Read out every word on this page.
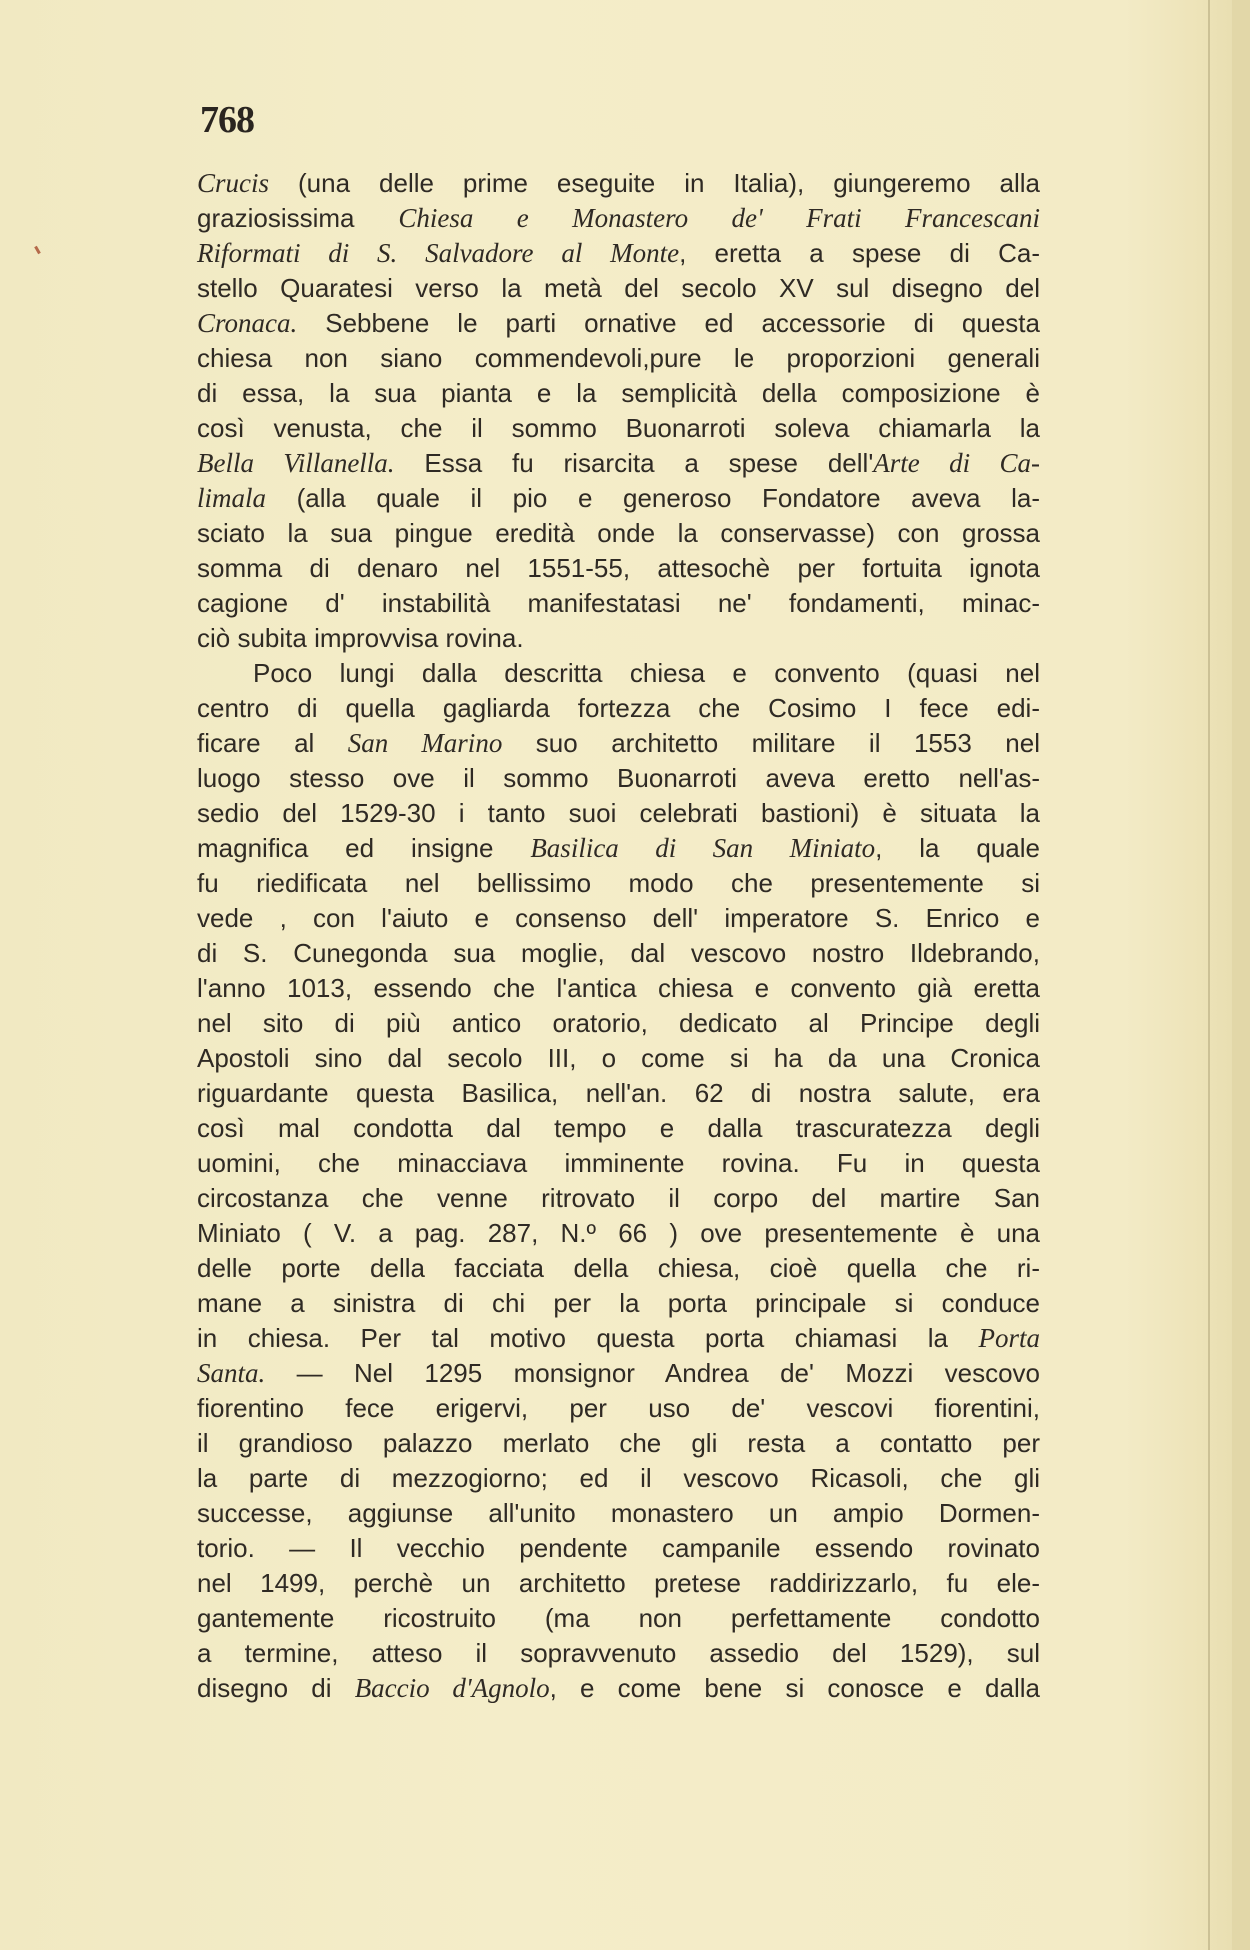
768
Crucis (una delle prime eseguite in Italia), giungeremo alla
graziosissima Chiesa e Monastero de' Frati Francescani
Riformati di S. Salvadore al Monte, eretta a spese di Ca-
stello Quaratesi verso la metà del secolo XV sul disegno del
Cronaca. Sebbene le parti ornative ed accessorie di questa
chiesa non siano commendevoli,pure le proporzioni generali
di essa, la sua pianta e la semplicità della composizione è
così venusta, che il sommo Buonarroti soleva chiamarla la
Bella Villanella. Essa fu risarcita a spese dell'Arte di Ca-
limala (alla quale il pio e generoso Fondatore aveva la-
sciato la sua pingue eredità onde la conservasse) con grossa
somma di denaro nel 1551-55, attesochè per fortuita ignota
cagione d' instabilità manifestatasi ne' fondamenti, minac-
ciò subita improvvisa rovina.
Poco lungi dalla descritta chiesa e convento (quasi nel
centro di quella gagliarda fortezza che Cosimo I fece edi-
ficare al San Marino suo architetto militare il 1553 nel
luogo stesso ove il sommo Buonarroti aveva eretto nell'as-
sedio del 1529-30 i tanto suoi celebrati bastioni) è situata la
magnifica ed insigne Basilica di San Miniato, la quale
fu riedificata nel bellissimo modo che presentemente si
vede , con l'aiuto e consenso dell' imperatore S. Enrico e
di S. Cunegonda sua moglie, dal vescovo nostro Ildebrando,
l'anno 1013, essendo che l'antica chiesa e convento già eretta
nel sito di più antico oratorio, dedicato al Principe degli
Apostoli sino dal secolo III, o come si ha da una Cronica
riguardante questa Basilica, nell'an. 62 di nostra salute, era
così mal condotta dal tempo e dalla trascuratezza degli
uomini, che minacciava imminente rovina. Fu in questa
circostanza che venne ritrovato il corpo del martire San
Miniato ( V. a pag. 287, N.º 66 ) ove presentemente è una
delle porte della facciata della chiesa, cioè quella che ri-
mane a sinistra di chi per la porta principale si conduce
in chiesa. Per tal motivo questa porta chiamasi la Porta
Santa. — Nel 1295 monsignor Andrea de' Mozzi vescovo
fiorentino fece erigervi, per uso de' vescovi fiorentini,
il grandioso palazzo merlato che gli resta a contatto per
la parte di mezzogiorno; ed il vescovo Ricasoli, che gli
successe, aggiunse all'unito monastero un ampio Dormen-
torio. — Il vecchio pendente campanile essendo rovinato
nel 1499, perchè un architetto pretese raddirizzarlo, fu ele-
gantemente ricostruito (ma non perfettamente condotto
a termine, atteso il sopravvenuto assedio del 1529), sul
disegno di Baccio d'Agnolo, e come bene si conosce e dalla
